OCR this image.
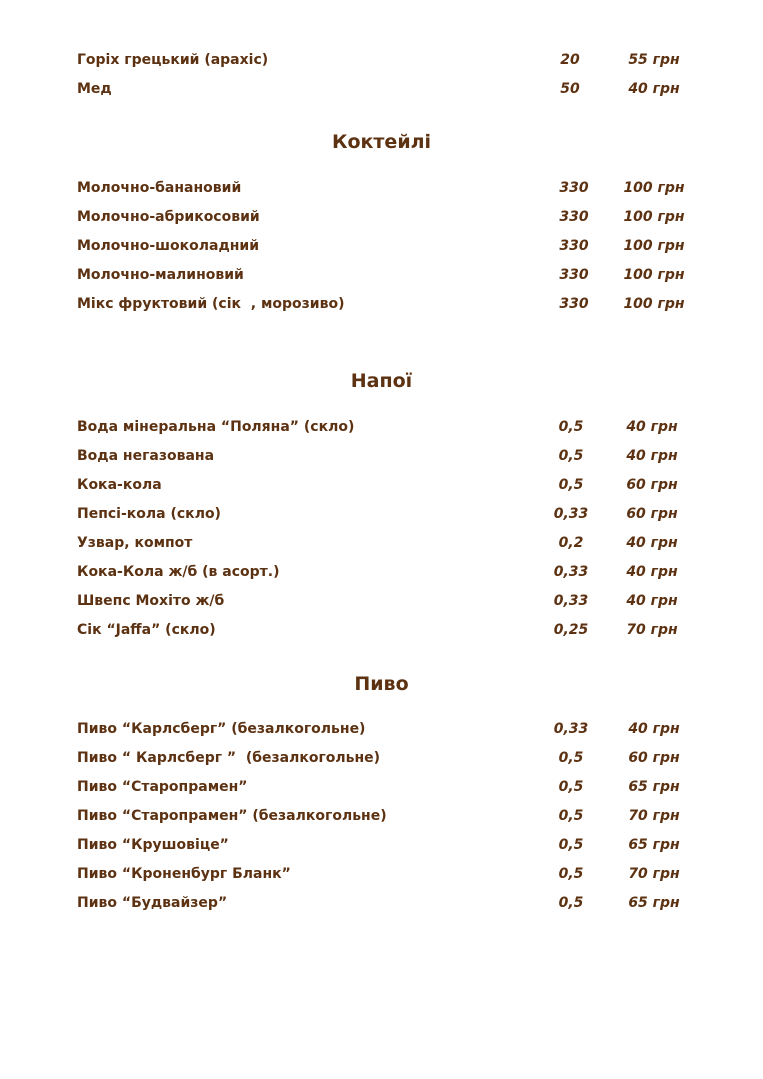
Горіх грецький (арахіс)	20	55 грн
Мед	50	40 грн
Коктейлі
Молочно-банановий	330	100 грн
Молочно-абрикосовий	330	100 грн
Молочно-шоколадний	330	100 грн
Молочно-малиновий	330	100 грн
Мікс фруктовий (сік  , морозиво)	330	100 грн
Напої
Вода мінеральна “Поляна” (скло)	0,5	40 грн
Вода негазована	0,5	40 грн
Кока-кола	0,5	60 грн
Пепсі-кола (скло)	0,33	60 грн
Узвар, компот	0,2	40 грн
Кока-Кола ж/б (в асорт.)	0,33	40 грн
Швепс Мохіто ж/б	0,33	40 грн
Сік “Jaffa” (скло)	0,25	70 грн
Пиво
Пиво “Карлсберг” (безалкогольне)	0,33	40 грн
Пиво “ Карлсберг ”  (безалкогольне)	0,5	60 грн
Пиво “Старопрамен”	0,5	65 грн
Пиво “Старопрамен” (безалкогольне)	0,5	70 грн
Пиво “Крушовіце”	0,5	65 грн
Пиво “Кроненбург Бланк”	0,5	70 грн
Пиво “Будвайзер”	0,5	65 грн
